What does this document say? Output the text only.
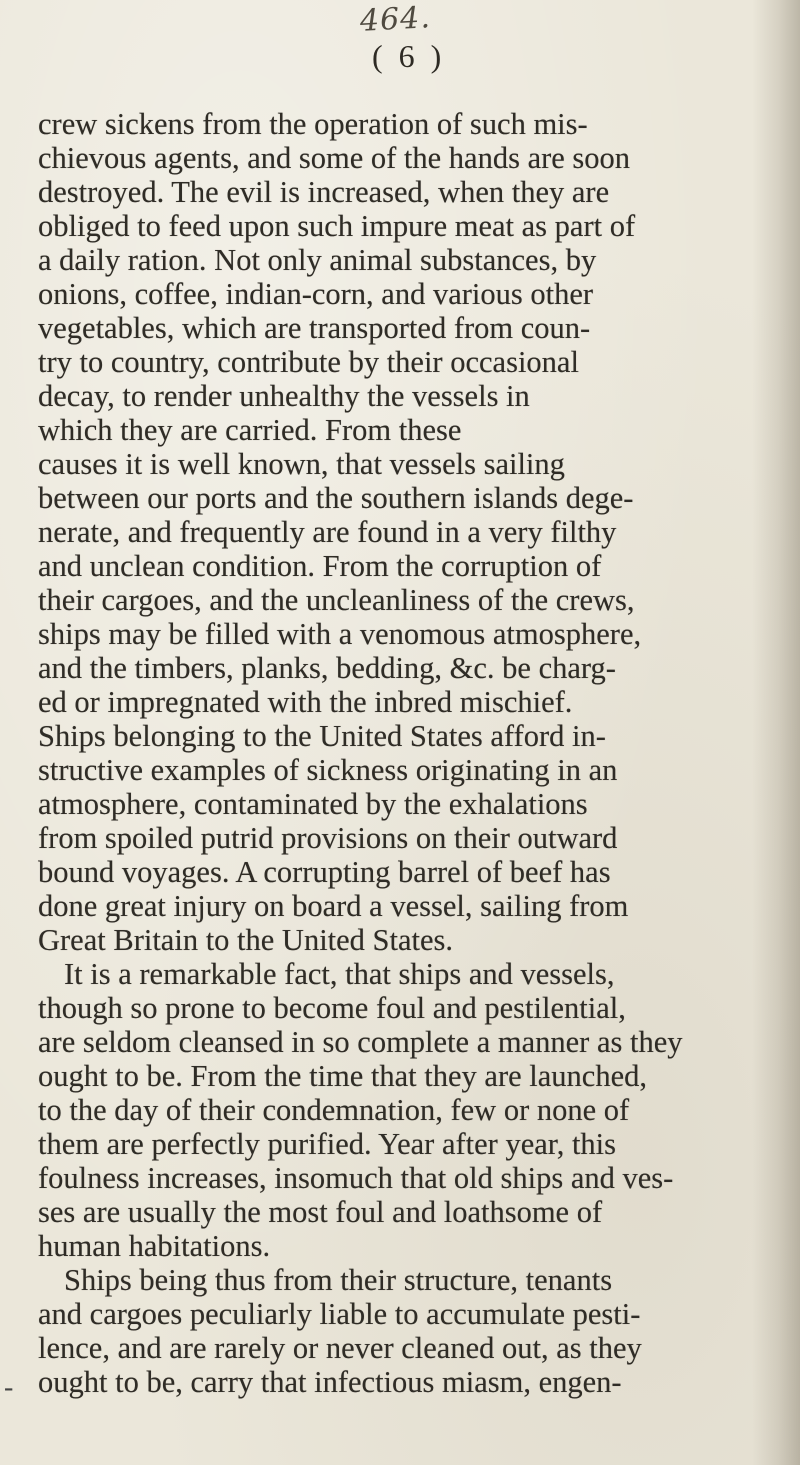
464.
( 6 )
crew sickens from the operation of such mis-
chievous agents, and some of the hands are soon
destroyed. The evil is increased, when they are
obliged to feed upon such impure meat as part of
a daily ration. Not only animal substances, by
onions, coffee, indian-corn, and various other
vegetables, which are transported from coun-
try to country, contribute by their occasional
decay, to render unhealthy the vessels in
which they are carried. From these
causes it is well known, that vessels sailing
between our ports and the southern islands dege-
nerate, and frequently are found in a very filthy
and unclean condition. From the corruption of
their cargoes, and the uncleanliness of the crews,
ships may be filled with a venomous atmosphere,
and the timbers, planks, bedding, &c. be charg-
ed or impregnated with the inbred mischief.
Ships belonging to the United States afford in-
structive examples of sickness originating in an
atmosphere, contaminated by the exhalations
from spoiled putrid provisions on their outward
bound voyages. A corrupting barrel of beef has
done great injury on board a vessel, sailing from
Great Britain to the United States.
It is a remarkable fact, that ships and vessels,
though so prone to become foul and pestilential,
are seldom cleansed in so complete a manner as they
ought to be. From the time that they are launched,
to the day of their condemnation, few or none of
them are perfectly purified. Year after year, this
foulness increases, insomuch that old ships and ves-
ses are usually the most foul and loathsome of
human habitations.
Ships being thus from their structure, tenants
and cargoes peculiarly liable to accumulate pesti-
lence, and are rarely or never cleaned out, as they
ought to be, carry that infectious miasm, engen-
-
